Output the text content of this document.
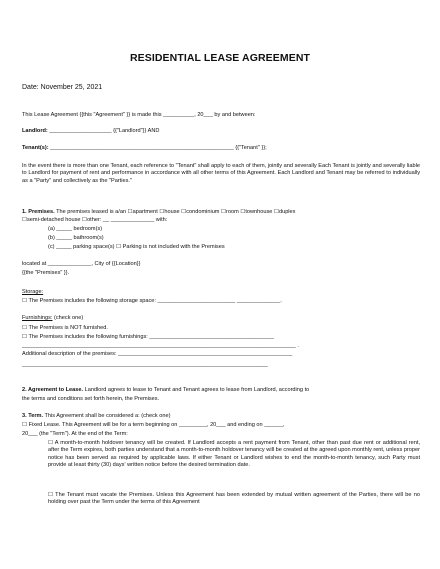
RESIDENTIAL LEASE AGREEMENT
Date: November 25, 2021
This Lease Agreement {{this "Agreement" }} is made this __________, 20___ by and between:
Landlord: ____________________ {{"Landlord"}} AND
Tenant(s): ___________________________________________________________ {{"Tenant" }};
In the event there is more than one Tenant, each reference to "Tenant" shall apply to each of them, jointly and severally Each Tenant is jointly and severally liable to Landlord for payment of rent and performance in accordance with all other terms of this Agreement. Each Landlord and Tenant may be referred to individually as a "Party" and collectively as the "Parties."
1. Premises. The premises leased is a/an ☐apartment ☐house ☐condominium ☐room ☐townhouse ☐duplex
☐semi-detached house ☐other: __ ______________ with:
(a) _____ bedroom(s)
(b) _____ bathroom(s)
(c) _____ parking space(s) ☐ Parking is not included with the Premises
located at ______________, City of {{Location}}
{{the "Premises" }}.
Storage:
☐ The Premises includes the following storage space: _________________________ ______________.
Furnishings: (check one)
☐ The Premises is NOT furnished.
☐ The Premises includes the following furnishings: ________________________________________
________________________________________________________________________________________ .
Additional description of the premises: ________________________________________________________
_______________________________________________________________________________
2. Agreement to Lease. Landlord agrees to lease to Tenant and Tenant agrees to lease from Landlord, according to
the terms and conditions set forth herein, the Premises.
3. Term. This Agreement shall be considered a: (check one)
☐ Fixed Lease. This Agreement will be for a term beginning on _________, 20___ and ending on ______,
20___ (the "Term"). At the end of the Term:
☐ A month-to-month holdover tenancy will be created. If Landlord accepts a rent payment from Tenant, other than past due rent or additional rent, after the Term expires, both parties understand that a month-to-month holdover tenancy will be created at the agreed upon monthly rent, unless proper notice has been served as required by applicable laws. If either Tenant or Landlord wishes to end the month-to-month tenancy, such Party must provide at least thirty (30) days' written notice before the desired termination date.
☐ The Tenant must vacate the Premises. Unless this Agreement has been extended by mutual written agreement of the Parties, there will be no holding over past the Term under the terms of this Agreement
